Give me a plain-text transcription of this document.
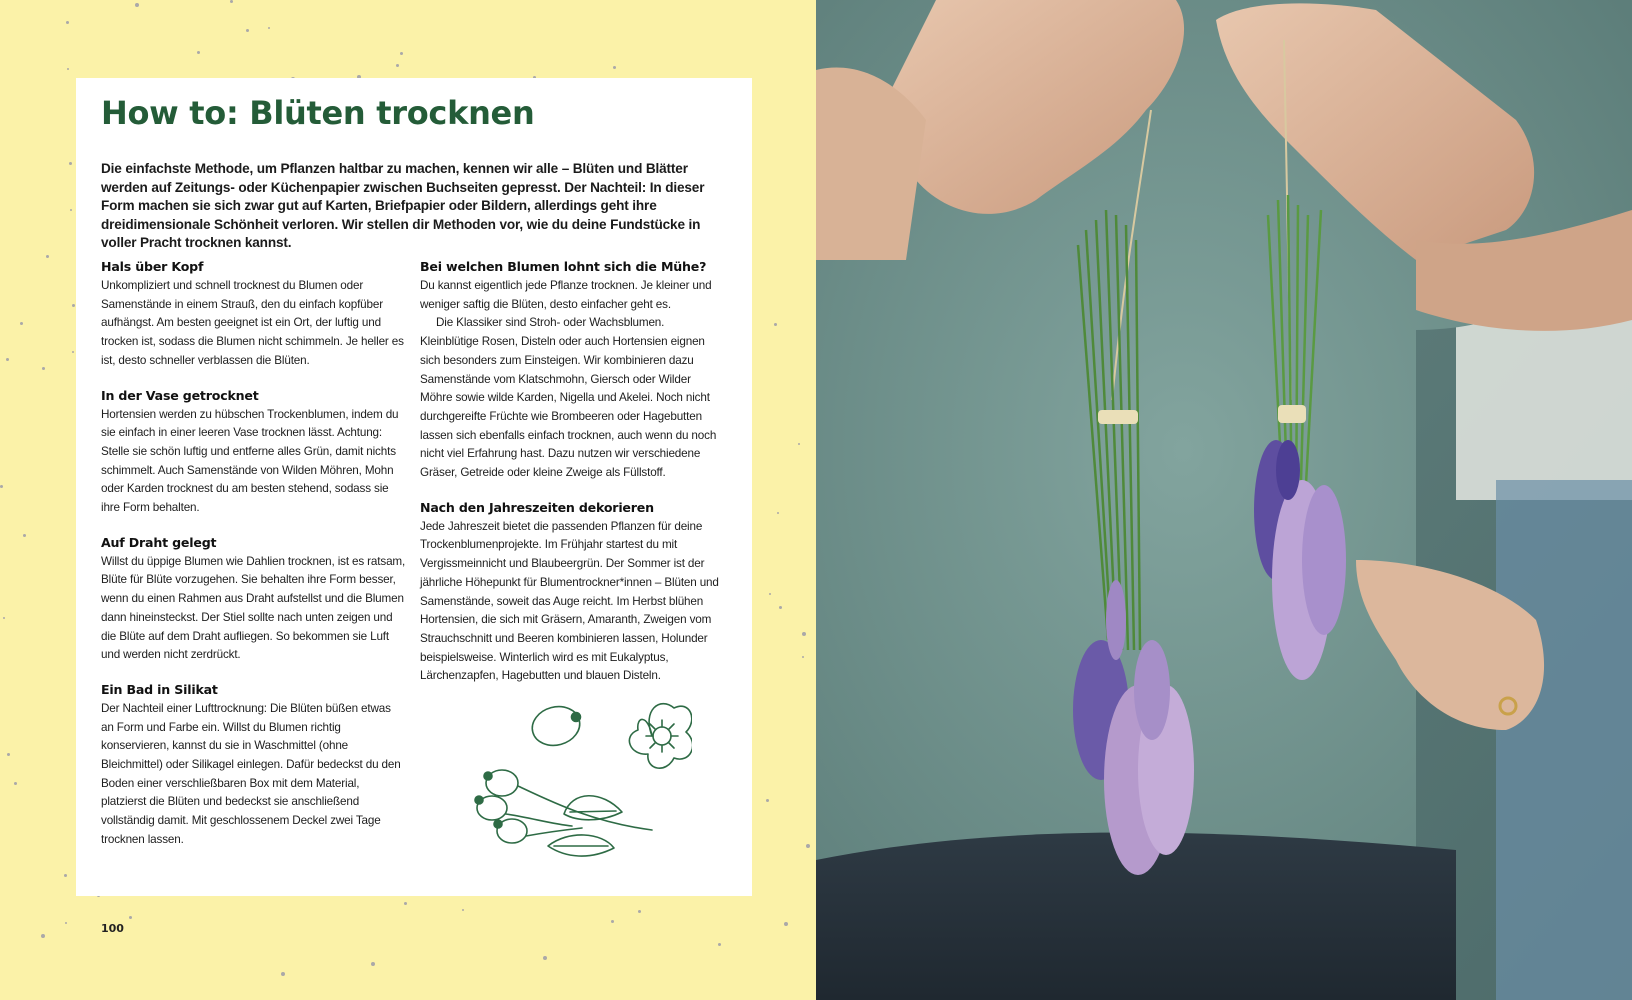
How to: Blüten trocknen

Die einfachste Methode, um Pflanzen haltbar zu machen, kennen wir alle – Blüten und Blätter werden auf Zeitungs- oder Küchenpapier zwischen Buchseiten gepresst. Der Nachteil: In dieser Form machen sie sich zwar gut auf Karten, Briefpapier oder Bildern, allerdings geht ihre dreidimensionale Schönheit verloren. Wir stellen dir Methoden vor, wie du deine Fundstücke in voller Pracht trocknen kannst.

Hals über Kopf

Unkompliziert und schnell trocknest du Blumen oder Samenstände in einem Strauß, den du einfach kopfüber aufhängst. Am besten geeignet ist ein Ort, der luftig und trocken ist, sodass die Blumen nicht schimmeln. Je heller es ist, desto schneller verblassen die Blüten.

In der Vase getrocknet

Hortensien werden zu hübschen Trockenblumen, indem du sie einfach in einer leeren Vase trocknen lässt. Achtung: Stelle sie schön luftig und entferne alles Grün, damit nichts schimmelt. Auch Samenstände von Wilden Möhren, Mohn oder Karden trocknest du am besten stehend, sodass sie ihre Form behalten.

Auf Draht gelegt

Willst du üppige Blumen wie Dahlien trocknen, ist es ratsam, Blüte für Blüte vorzugehen. Sie behalten ihre Form besser, wenn du einen Rahmen aus Draht aufstellst und die Blumen dann hineinsteckst. Der Stiel sollte nach unten zeigen und die Blüte auf dem Draht aufliegen. So bekommen sie Luft und werden nicht zerdrückt.

Ein Bad in Silikat

Der Nachteil einer Lufttrocknung: Die Blüten büßen etwas an Form und Farbe ein. Willst du Blumen richtig konservieren, kannst du sie in Waschmittel (ohne Bleichmittel) oder Silikagel einlegen. Dafür bedeckst du den Boden einer verschließbaren Box mit dem Material, platzierst die Blüten und bedeckst sie anschließend vollständig damit. Mit geschlossenem Deckel zwei Tage trocknen lassen.

Bei welchen Blumen lohnt sich die Mühe?

Du kannst eigentlich jede Pflanze trocknen. Je kleiner und weniger saftig die Blüten, desto einfacher geht es.

Die Klassiker sind Stroh- oder Wachsblumen. Kleinblütige Rosen, Disteln oder auch Hortensien eignen sich besonders zum Einsteigen. Wir kombinieren dazu Samenstände vom Klatschmohn, Giersch oder Wilder Möhre sowie wilde Karden, Nigella und Akelei. Noch nicht durchgereifte Früchte wie Brombeeren oder Hagebutten lassen sich ebenfalls einfach trocknen, auch wenn du noch nicht viel Erfahrung hast. Dazu nutzen wir verschiedene Gräser, Getreide oder kleine Zweige als Füllstoff.

Nach den Jahreszeiten dekorieren

Jede Jahreszeit bietet die passenden Pflanzen für deine Trockenblumenprojekte. Im Frühjahr startest du mit Vergissmeinnicht und Blaubeergrün. Der Sommer ist der jährliche Höhepunkt für Blumentrockner*innen – Blüten und Samenstände, soweit das Auge reicht. Im Herbst blühen Hortensien, die sich mit Gräsern, Amaranth, Zweigen vom Strauchschnitt und Beeren kombinieren lassen, Holunder beispielsweise. Winterlich wird es mit Eukalyptus, Lärchenzapfen, Hagebutten und blauen Disteln.

100
